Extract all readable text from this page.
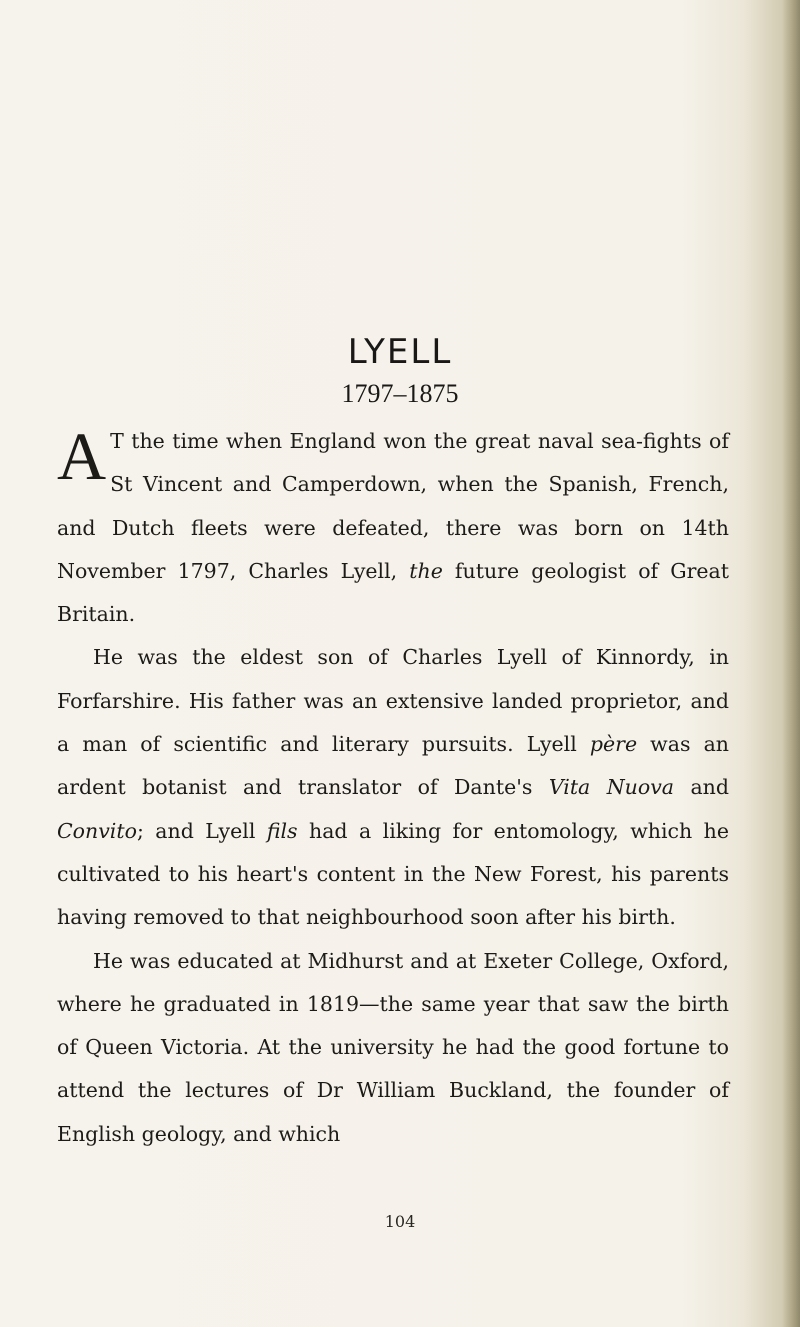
LYELL
1797–1875

A T the time when England won the great naval sea-fights of St Vincent and Camperdown, when the Spanish, French, and Dutch fleets were defeated, there was born on 14th November 1797, Charles Lyell, the future geologist of Great Britain.

He was the eldest son of Charles Lyell of Kinnordy, in Forfarshire. His father was an extensive landed proprietor, and a man of scientific and literary pursuits. Lyell père was an ardent botanist and translator of Dante's Vita Nuova and Convito; and Lyell fils had a liking for entomology, which he cultivated to his heart's content in the New Forest, his parents having removed to that neighbourhood soon after his birth.

He was educated at Midhurst and at Exeter College, Oxford, where he graduated in 1819—the same year that saw the birth of Queen Victoria. At the university he had the good fortune to attend the lectures of Dr William Buckland, the founder of English geology, and which

104
